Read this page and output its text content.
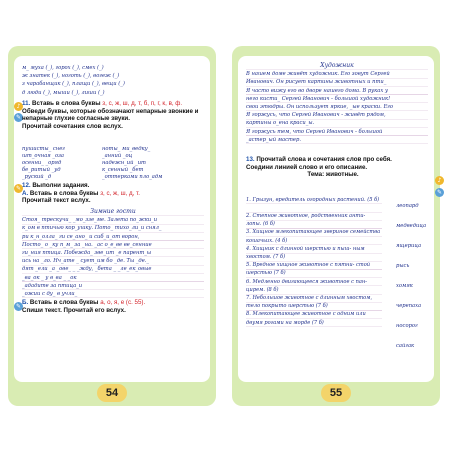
м_ муха (_), горох (_), смех (_)
ж знатек (_), ноготь (_), вогеж (_)
з чарабанщик (_), плащи (_), вещи (_)
д люди (_), мыши (_), лиши (_)
♪
✎
11. Вставь в слова буквы з, с, ж, ш, д, т, б, п, г, к, в, ф.
Обведи буквы, которые обозначают непарные звонкие и непарные глухие согласные звуки.
Прочитай сочетания слов вслух.
пушисты_ снег	ноты_ ми_ведку_
шт_очная _оза	_анний _оц
осенни_ _оряд	надежн_ий _ит
бе_ритый _уд	к_сенный _бет
_руский _д	_оттерками пло_адм
✎ 12. Выполни задания.
А. Вставь в слова буквы з, с, ж, ш, д, т.
Прочитай текст вслух.
Зимние гости
Стоя_ трескучи_ _мо_ззе_ме. Залета по_жки_и
к_ом в птичью кор_ушку. Пото_ тихо_ли_и снял_
ри к_н_олла_ ги се_ано_ и сиб_и_от ворон,
Посто_ о _ку п_м_ за _на. _ас о_е_ве ве_сенние
ги_ния птица. Побежда_ зве_ит _е парент_ы
ись на _ло. Нч_ате _ сует_им бо _де. Ты _де._
дят _ели _а _ове_ _ _жду, _бета _ _ле_ек_овые
_ва_ок _ у в_ва _ _ок
_ададите за птица_и
_ожии с ду_ в учли_
✎
Б. Вставь в слова буквы а, о, я, е (с. 55).
Спиши текст. Прочитай его вслух.
54
Художник
В нашем доме живёт художник. Его зовут Сергей
Иванович. Он рисует картины животных и пти_
Я часто вижу его во дворе нашего дома. В руках у
него кисти_ Сергей Иванович - большой художник!
свои этюдры. Он использует яркие, _ые краски. Его
Я горжусь, что Сергей Иванович - живёт рядом,
картины о_ена краси_ы.
Я горжусь тем, что Сергей Иванович - большой
_астер_ый мастер.
13. Прочитай слова и сочетания слов про себя.
Соедини линией слово и его описание.

Тема: животные.
1. Грызун, вредитель огородных растений. (5 б)
2. Степное животное, родственник анти- лопы. (6 б)
3. Хищное млекопитающее звериное семейства кошачьих. (4 б)
4. Хищник с длинной шерстью и пыш- ным хвостом. (7 б)
5. Вредное хищное животное с пятни- стой шерстью (7 б)
6. Медленно двигающееся животное с пан- цирем. (8 б)
7. Небольшое животное с длинным хвостом, тело покрыто шерстью (7 б)
8. Млекопитающее животное с одним или двумя рогами на морде (7 б)
леопард
медведица
ящерица
рысь
хомяк
черепаха
носорог
сайгак
♪
✎
55
